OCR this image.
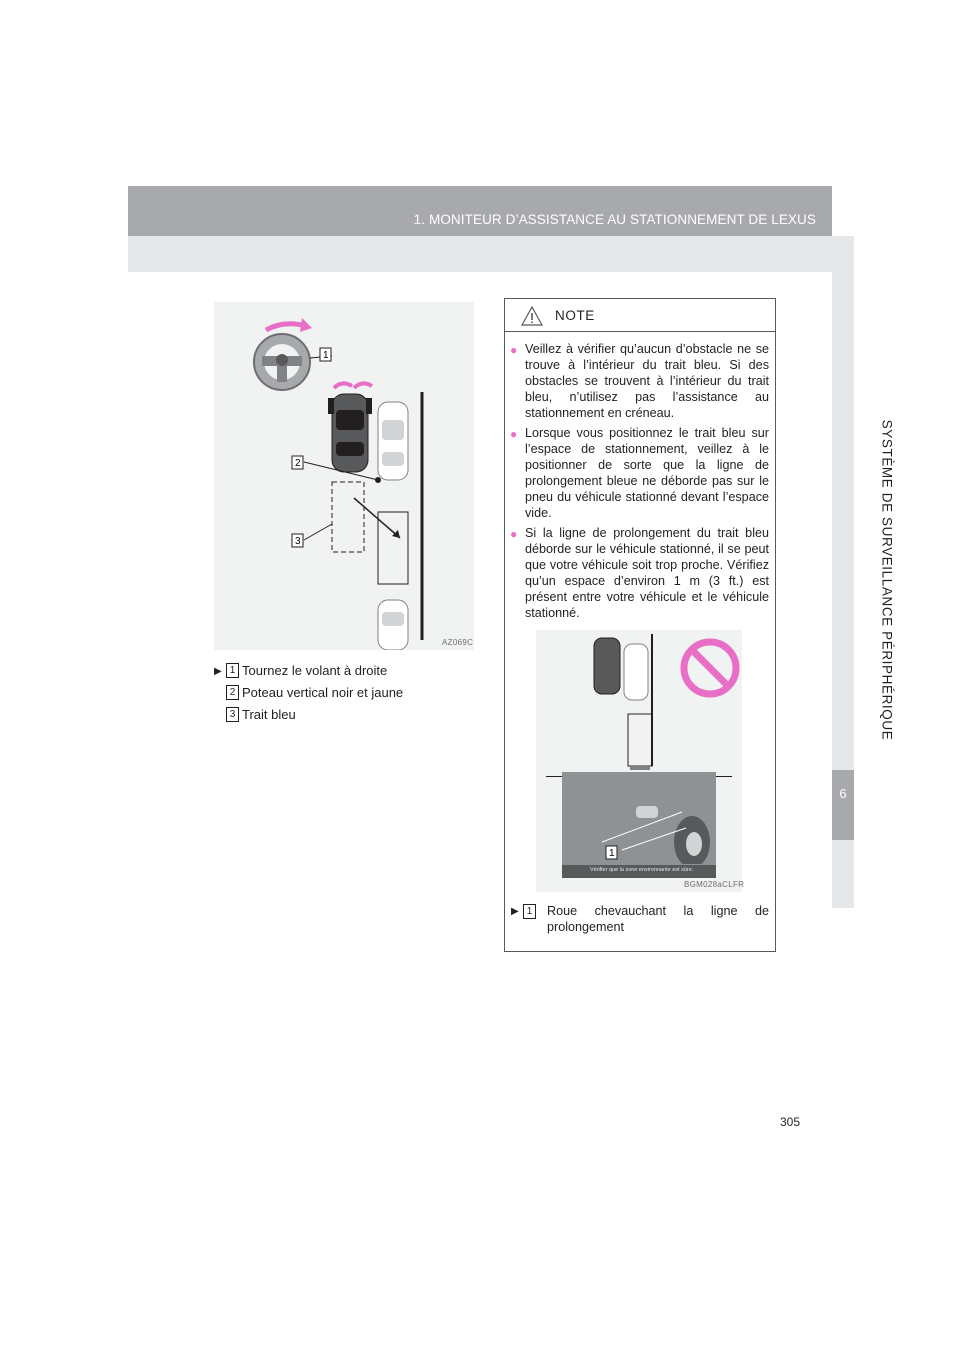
1. MONITEUR D’ASSISTANCE AU STATIONNEMENT DE LEXUS
6
SYSTÈME DE SURVEILLANCE PÉRIPHÉRIQUE
1
2
3
AZ069C
▶ 1 Tournez le volant à droite
2 Poteau vertical noir et jaune
3 Trait bleu
NOTE
● Veillez à vérifier qu’aucun d’obstacle ne se trouve à l’intérieur du trait bleu. Si des obstacles se trouvent à l’intérieur du trait bleu, n’utilisez pas l’assistance au stationnement en créneau.
● Lorsque vous positionnez le trait bleu sur l’espace de stationnement, veillez à le positionner de sorte que la ligne de prolongement bleue ne déborde pas sur le pneu du véhicule stationné devant l’espace vide.
● Si la ligne de prolongement du trait bleu déborde sur le véhicule stationné, il se peut que votre véhicule soit trop proche. Vérifiez qu’un espace d’environ 1 m (3 ft.) est présent entre votre véhicule et le véhicule stationné.
▶ 1 Roue chevauchant la ligne de prolongement
1
Vérifier que la zone environnante est sûre.
BGM028aCLFR
305
